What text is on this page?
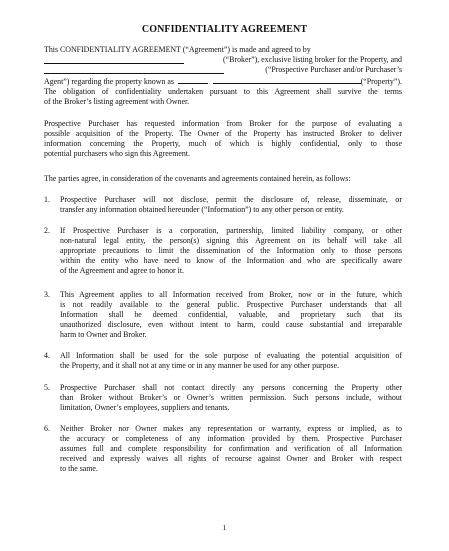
· ·
CONFIDENTIALITY AGREEMENT
This CONFIDENTIALITY AGREEMENT (“Agreement”) is made and agreed to by
(“Broker”), exclusive listing broker for the Property, and
(“Prospective Purchaser and/or Purchaser’s
Agent”) regarding the property known as	(“Property”).
The obligation of confidentiality undertaken pursuant to this Agreement shall survive the terms
of the Broker’s listing agreement with Owner.
Prospective Purchaser has requested information from Broker for the purpose of evaluating a
possible acquisition of the Property. The Owner of the Property has instructed Broker to deliver
information concerning the Property, much of which is highly confidential, only to those
potential purchasers who sign this Agreement.
The parties agree, in consideration of the covenants and agreements contained herein, as follows:
1.	Prospective Purchaser will not disclose, permit the disclosure of, release, disseminate, or
transfer any information obtained hereunder (“Information”) to any other person or entity.
2.	If Prospective Purchaser is a corporation, partnership, limited liability company, or other
non-natural legal entity, the person(s) signing this Agreement on its behalf will take all
appropriate precautions to limit the dissemination of the Information only to those persons
within the entity who have need to know of the Information and who are specifically aware
of the Agreement and agree to honor it.
3.	This Agreement applies to all Information received from Broker, now or in the future, which
is not readily available to the general public. Prospective Purchaser understands that all
Information shall be deemed confidential, valuable, and proprietary such that its
unauthorized disclosure, even without intent to harm, could cause substantial and irreparable
harm to Owner and Broker.
4.	All Information shall be used for the sole purpose of evaluating the potential acquisition of
the Property, and it shall not at any time or in any manner be used for any other purpose.
5.	Prospective Purchaser shall not contact directly any persons concerning the Property other
than Broker without Broker’s or Owner’s written permission. Such persons include, without
limitation, Owner’s employees, suppliers and tenants.
6.	Neither Broker nor Owner makes any representation or warranty, express or implied, as to
the accuracy or completeness of any information provided by them. Prospective Purchaser
assumes full and complete responsibility for confirmation and verification of all Information
received and expressly waives all rights of recourse against Owner and Broker with respect
to the same.
1
